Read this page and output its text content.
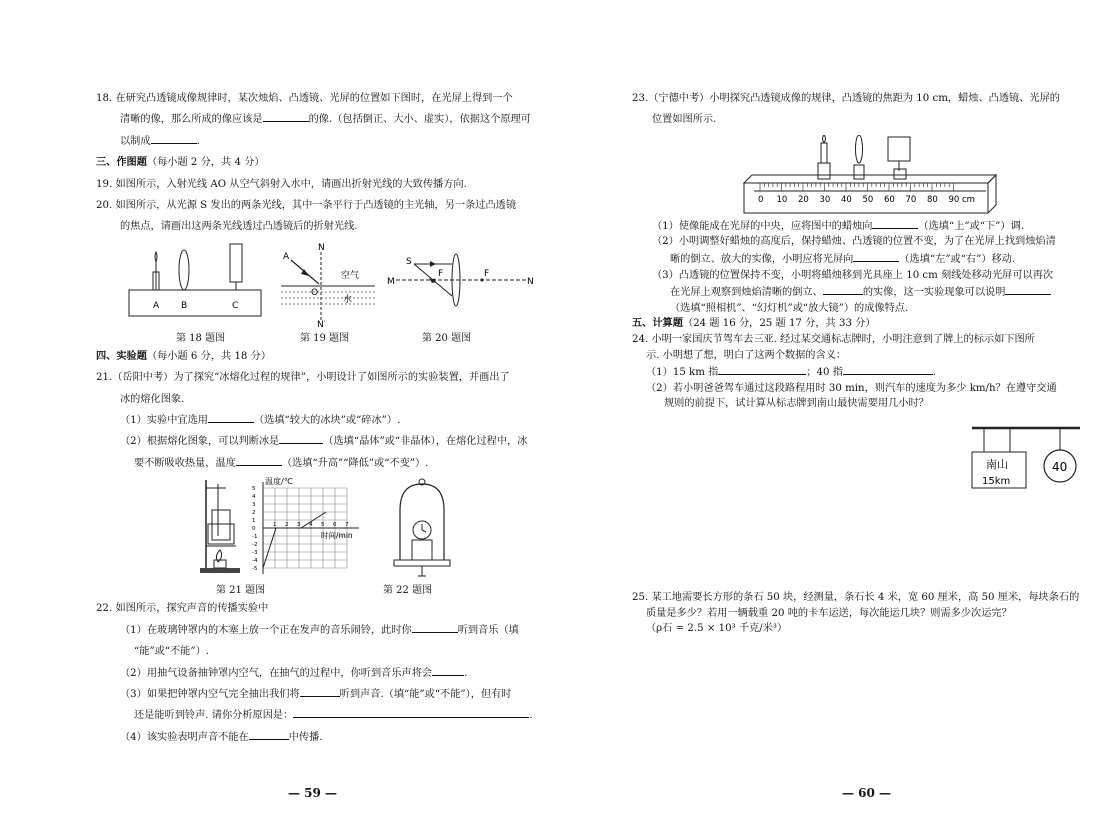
18. 在研究凸透镜成像规律时，某次烛焰、凸透镜、光屏的位置如下图时，在光屏上得到一个
清晰的像，那么所成的像应该是	的像.（包括倒正、大小、虚实），依据这个原理可
以制成	.
三、作图题（每小题 2 分，共 4 分）
19. 如图所示，入射光线 AO 从空气斜射入水中，请画出折射光线的大致传播方向.
20. 如图所示，从光源 S 发出的两条光线，其中一条平行于凸透镜的主光轴，另一条过凸透镜
的焦点，请画出这两条光线透过凸透镜后的折射光线.
A B	C
N
N′
A
O
空气
水
S
F	F
M	N
第 18 题图	第 19 题图	第 20 题图
四、实验题（每小题 6 分，共 18 分）
21.（岳阳中考）为了探究“冰熔化过程的规律”，小明设计了如图所示的实验装置，并画出了
冰的熔化图象.
（1）实验中宜选用	（选填“较大的冰块”或“碎冰”）.
（2）根据熔化图象，可以判断冰是	（选填“晶体”或“非晶体），在熔化过程中，冰
要不断吸收热量，温度	（选填“升高”“降低”或“不变”）.
温度/℃
时间/min
5
4
3
2
1
0
-1
-2
-3
-4
-5
1 2 3 4 5 6 7
第 21 题图	第 22 题图
22. 如图所示，探究声音的传播实验中
（1）在玻璃钟罩内的木塞上放一个正在发声的音乐闹铃，此时你	听到音乐（填
“能”或“不能”）.
（2）用抽气设备抽钟罩内空气，在抽气的过程中，你听到音乐声将会	.
（3）如果把钟罩内空气完全抽出我们将	听到声音.（填“能”或“不能”），但有时
还是能听到铃声. 请你分析原因是：	.
（4）该实验表明声音不能在	中传播.
— 59 —
23.（宁德中考）小明探究凸透镜成像的规律，凸透镜的焦距为 10 cm，蜡烛、凸透镜、光屏的
位置如图所示.
0 10 20 30 40 50 60 70 80 90 cm
（1）使像能成在光屏的中央，应将图中的蜡烛向	（选填“上”或“下”）调.
（2）小明调整好蜡烛的高度后，保持蜡烛、凸透镜的位置不变，为了在光屏上找到烛焰清
晰的倒立、放大的实像，小明应将光屏向	（选填“左”或“右”）移动.
（3）凸透镜的位置保持不变，小明将蜡烛移到光具座上 10 cm 刻线处移动光屏可以再次
在光屏上观察到烛焰清晰的倒立、	的实像，这一实验现象可以说明
（选填“照相机”、“幻灯机”或“放大镜”）的成像特点.
五、计算题（24 题 16 分，25 题 17 分，共 33 分）
24. 小明一家国庆节驾车去三亚. 经过某交通标志牌时，小明注意到了牌上的标示如下图所
示. 小明想了想，明白了这两个数据的含义：
（1）15 km 指	；40 指	.
（2）若小明爸爸驾车通过这段路程用时 30 min，则汽车的速度为多少 km/h？在遵守交通
规则的前提下，试计算从标志牌到南山最快需要用几小时？
南山
15km
40
25. 某工地需要长方形的条石 50 块，经测量，条石长 4 米，宽 60 厘米，高 50 厘米，每块条石的
质量是多少？若用一辆载重 20 吨的卡车运送，每次能运几块？则需多少次运完？
（ρ石 = 2.5 × 10³ 千克/米³）
— 60 —
